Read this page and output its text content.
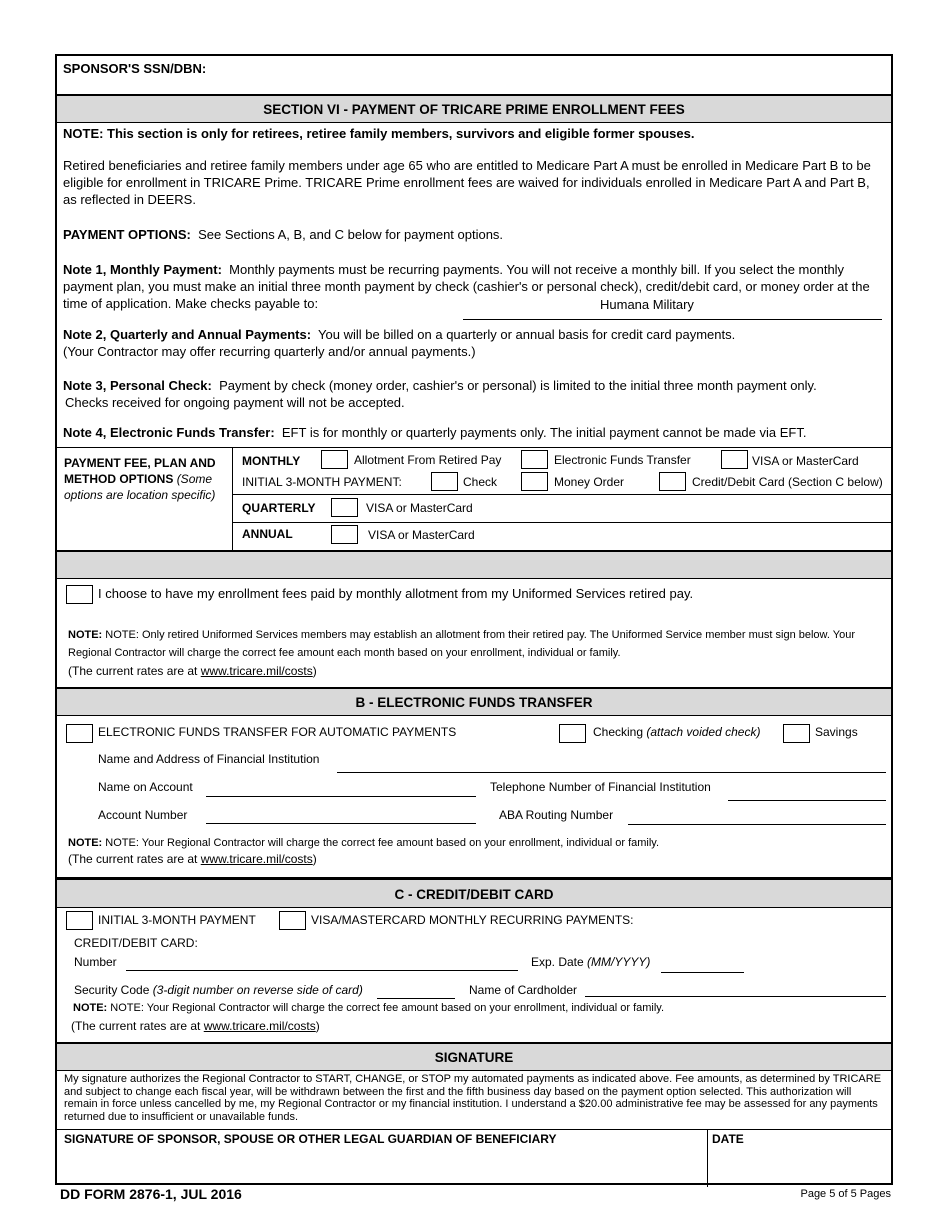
SPONSOR'S SSN/DBN:
SECTION VI - PAYMENT OF TRICARE PRIME ENROLLMENT FEES
NOTE: This section is only for retirees, retiree family members, survivors and eligible former spouses.
Retired beneficiaries and retiree family members under age 65 who are entitled to Medicare Part A must be enrolled in Medicare Part B to be eligible for enrollment in TRICARE Prime. TRICARE Prime enrollment fees are waived for individuals enrolled in Medicare Part A and Part B, as reflected in DEERS.
PAYMENT OPTIONS: See Sections A, B, and C below for payment options.
Note 1, Monthly Payment: Monthly payments must be recurring payments. You will not receive a monthly bill. If you select the monthly payment plan, you must make an initial three month payment by check (cashier's or personal check), credit/debit card, or money order at the time of application. Make checks payable to:	Humana Military
Note 2, Quarterly and Annual Payments: You will be billed on a quarterly or annual basis for credit card payments.
(Your Contractor may offer recurring quarterly and/or annual payments.)
Note 3, Personal Check: Payment by check (money order, cashier's or personal) is limited to the initial three month payment only.
Checks received for ongoing payment will not be accepted.
Note 4, Electronic Funds Transfer: EFT is for monthly or quarterly payments only. The initial payment cannot be made via EFT.
PAYMENT FEE, PLAN AND METHOD OPTIONS (Some options are location specific)
MONTHLY	Allotment From Retired Pay	Electronic Funds Transfer	VISA or MasterCard
INITIAL 3-MONTH PAYMENT:	Check	Money Order	Credit/Debit Card (Section C below)
QUARTERLY	VISA or MasterCard
ANNUAL	VISA or MasterCard
I choose to have my enrollment fees paid by monthly allotment from my Uniformed Services retired pay.
NOTE: NOTE: Only retired Uniformed Services members may establish an allotment from their retired pay. The Uniformed Service member must sign below. Your Regional Contractor will charge the correct fee amount each month based on your enrollment, individual or family.
(The current rates are at www.tricare.mil/costs)
B - ELECTRONIC FUNDS TRANSFER
ELECTRONIC FUNDS TRANSFER FOR AUTOMATIC PAYMENTS	Checking (attach voided check)	Savings
Name and Address of Financial Institution
Name on Account	Telephone Number of Financial Institution
Account Number	ABA Routing Number
NOTE: NOTE: Your Regional Contractor will charge the correct fee amount based on your enrollment, individual or family.
(The current rates are at www.tricare.mil/costs)
C - CREDIT/DEBIT CARD
INITIAL 3-MONTH PAYMENT	VISA/MASTERCARD MONTHLY RECURRING PAYMENTS:
CREDIT/DEBIT CARD:
Number	Exp. Date (MM/YYYY)
Security Code (3-digit number on reverse side of card)	Name of Cardholder
NOTE: NOTE: Your Regional Contractor will charge the correct fee amount based on your enrollment, individual or family.
(The current rates are at www.tricare.mil/costs)
SIGNATURE
My signature authorizes the Regional Contractor to START, CHANGE, or STOP my automated payments as indicated above. Fee amounts, as determined by TRICARE and subject to change each fiscal year, will be withdrawn between the first and the fifth business day based on the payment option selected. This authorization will remain in force unless cancelled by me, my Regional Contractor or my financial institution. I understand a $20.00 administrative fee may be assessed for any payments returned due to insufficient or unavailable funds.
SIGNATURE OF SPONSOR, SPOUSE OR OTHER LEGAL GUARDIAN OF BENEFICIARY	DATE
DD FORM 2876-1, JUL 2016	Page 5 of 5 Pages
